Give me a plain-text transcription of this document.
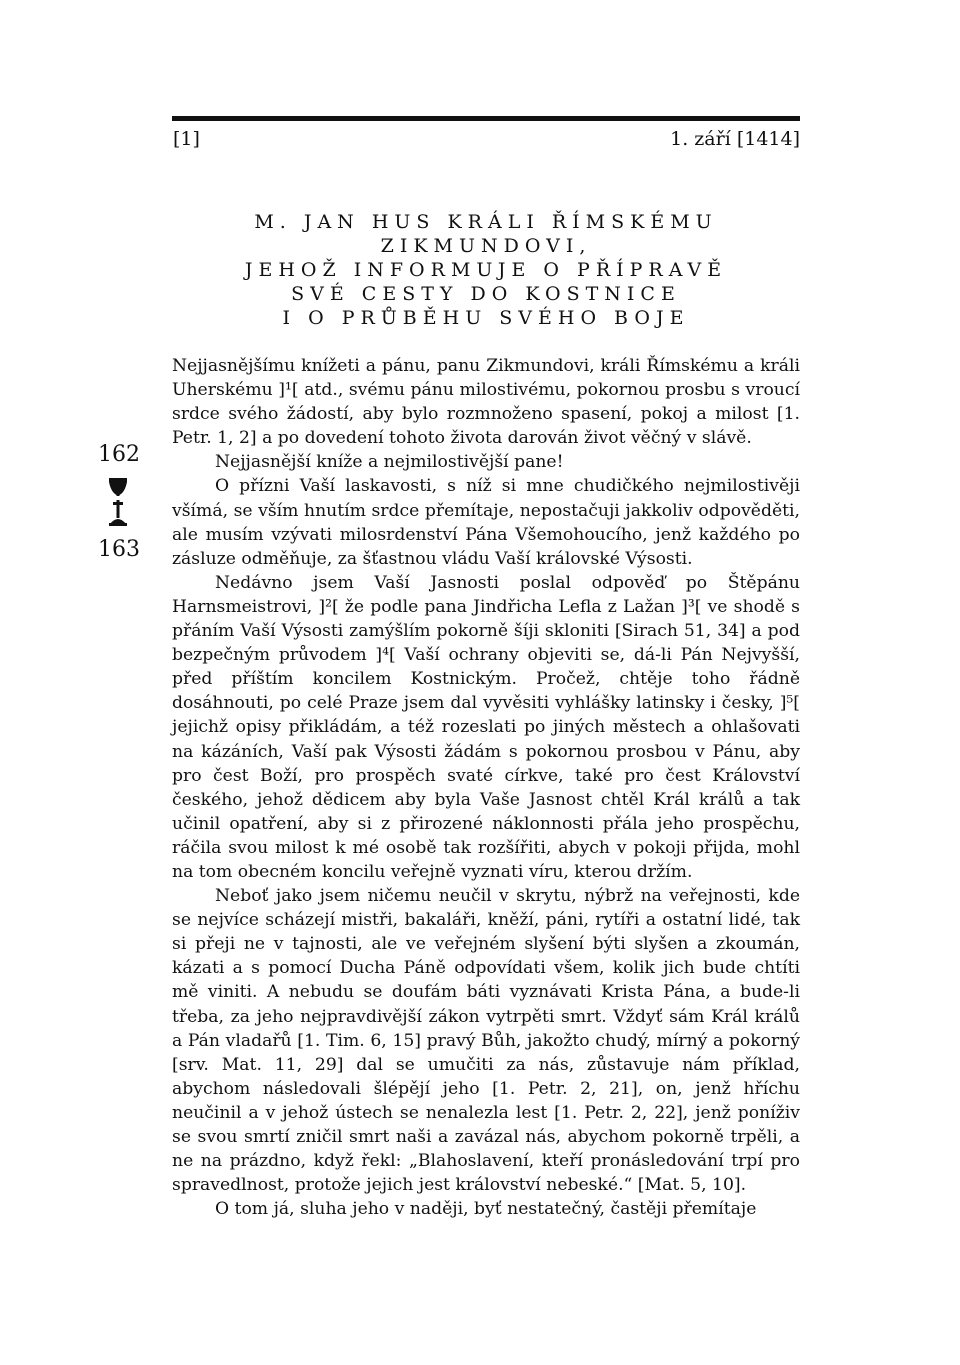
[1]	1. září [1414]
M. JAN HUS KRÁLI ŘÍMSKÉMU
ZIKMUNDOVI,
JEHOŽ INFORMUJE O PŘÍPRAVĚ
SVÉ CESTY DO KOSTNICE
I O PRŮBĚHU SVÉHO BOJE
162
163

Nejjasnějšímu knížeti a pánu, panu Zikmundovi, králi Římskému a králi Uherskému ]¹[ atd., svému pánu milostivému, pokornou prosbu s vroucí srdce svého žádostí, aby bylo rozmnoženo spasení, pokoj a milost [1. Petr. 1, 2] a po dovedení tohoto života darován život věčný v slávě.

Nejjasnější kníže a nejmilostivější pane!

O přízni Vaší laskavosti, s níž si mne chudičkého nejmilostivěji všímá, se vším hnutím srdce přemítaje, nepostačuji jakkoliv odpověděti, ale musím vzývati milosrdenství Pána Všemohoucího, jenž každého po zásluze odměňuje, za šťastnou vládu Vaší královské Výsosti.

Nedávno jsem Vaší Jasnosti poslal odpověď po Štěpánu Harnsmeistrovi, ]²[ že podle pana Jindřicha Lefla z Lažan ]³[ ve shodě s přáním Vaší Výsosti zamýšlím pokorně šíji skloniti [Sirach 51, 34] a pod bezpečným průvodem ]⁴[ Vaší ochrany objeviti se, dá-li Pán Nejvyšší, před příštím koncilem Kostnickým. Pročež, chtěje toho řádně dosáhnouti, po celé Praze jsem dal vyvěsiti vyhlášky latinsky i česky, ]⁵[ jejichž opisy přikládám, a též rozeslati po jiných městech a ohlašovati na kázáních, Vaší pak Výsosti žádám s pokornou prosbou v Pánu, aby pro čest Boží, pro prospěch svaté církve, také pro čest Království českého, jehož dědicem aby byla Vaše Jasnost chtěl Král králů a tak učinil opatření, aby si z přirozené náklonnosti přála jeho prospěchu, ráčila svou milost k mé osobě tak rozšířiti, abych v pokoji přijda, mohl na tom obecném koncilu veřejně vyznati víru, kterou držím.

Neboť jako jsem ničemu neučil v skrytu, nýbrž na veřejnosti, kde se nejvíce scházejí mistři, bakaláři, kněží, páni, rytíři a ostatní lidé, tak si přeji ne v tajnosti, ale ve veřejném slyšení býti slyšen a zkoumán, kázati a s pomocí Ducha Páně odpovídati všem, kolik jich bude chtíti mě viniti. A nebudu se doufám báti vyznávati Krista Pána, a bude-li třeba, za jeho nejpravdivější zákon vytrpěti smrt. Vždyť sám Král králů a Pán vladařů [1. Tim. 6, 15] pravý Bůh, jakožto chudý, mírný a pokorný [srv. Mat. 11, 29] dal se umučiti za nás, zůstavuje nám příklad, abychom následovali šlépějí jeho [1. Petr. 2, 21], on, jenž hříchu neučinil a v jehož ústech se nenalezla lest [1. Petr. 2, 22], jenž poníživ se svou smrtí zničil smrt naši a zavázal nás, abychom pokorně trpěli, a ne na prázdno, když řekl: „Blahoslavení, kteří pronásledování trpí pro spravedlnost, protože jejich jest království nebeské.“ [Mat. 5, 10].

O tom já, sluha jeho v naději, byť nestatečný, častěji přemítaje
